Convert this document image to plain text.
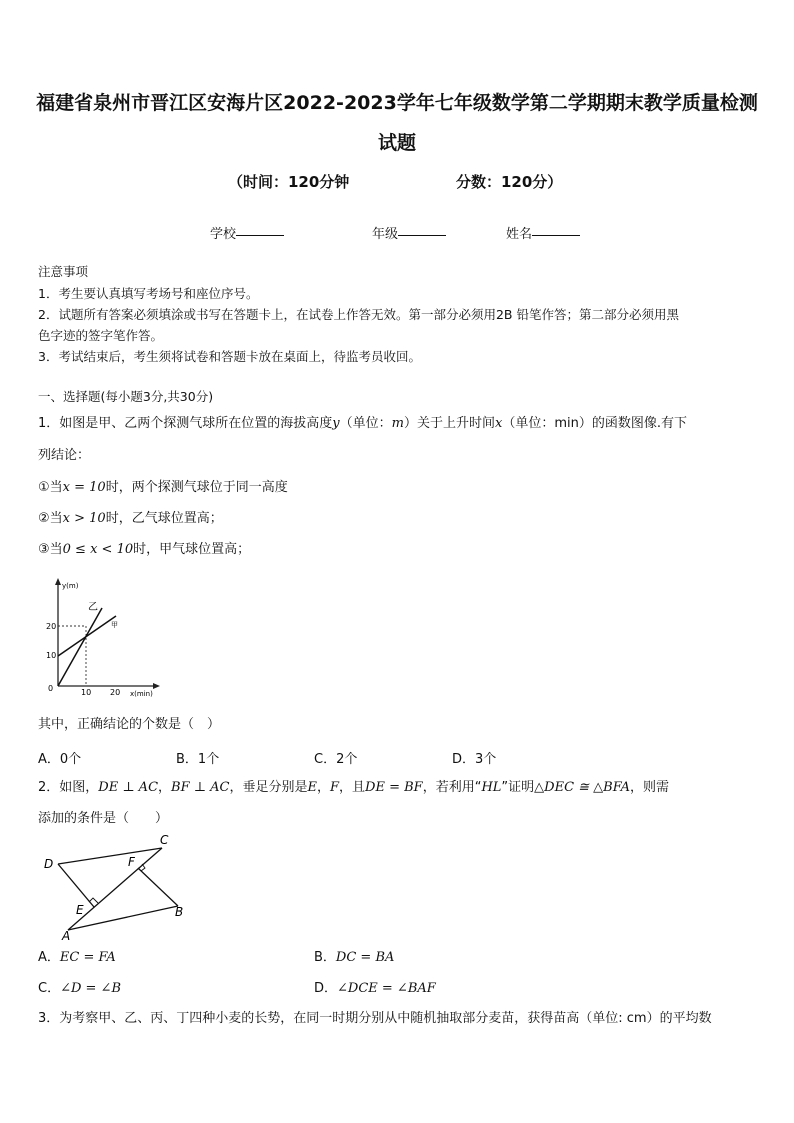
福建省泉州市晋江区安海片区2022-2023学年七年级数学第二学期期末教学质量检测
试题
（时间：120分钟	分数：120分）
学校	年级	姓名
注意事项
1．考生要认真填写考场号和座位序号。
2．试题所有答案必须填涂或书写在答题卡上，在试卷上作答无效。第一部分必须用2B 铅笔作答；第二部分必须用黑
色字迹的签字笔作答。
3．考试结束后，考生须将试卷和答题卡放在桌面上，待监考员收回。
一、选择题(每小题3分,共30分)
1．如图是甲、乙两个探测气球所在位置的海拔高度y（单位：m）关于上升时间x（单位：min）的函数图像.有下
列结论：
①当x = 10时，两个探测气球位于同一高度
②当x > 10时，乙气球位置高；
③当0 ≤ x < 10时，甲气球位置高；
y(m)
x(min)
20
10
0	10 20
乙
甲
其中，正确结论的个数是（　）
A．0个	B．1个	C．2个	D．3个
2．如图，DE ⊥ AC，BF ⊥ AC，垂足分别是E，F，且DE = BF，若利用“HL”证明△DEC ≅ △BFA，则需
添加的条件是（　　）
C
D	F
E	B
A
A．EC = FA	B．DC = BA
C．∠D = ∠B	D．∠DCE = ∠BAF
3．为考察甲、乙、丙、丁四种小麦的长势，在同一时期分别从中随机抽取部分麦苗，获得苗高（单位: cm）的平均数
